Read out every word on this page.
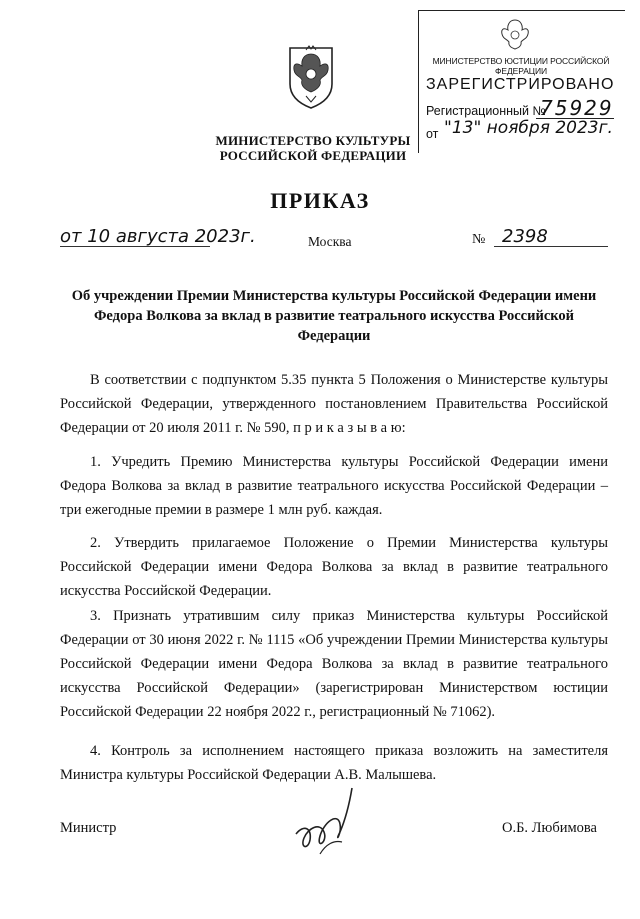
МИНИСТЕРСТВО КУЛЬТУРЫ
РОССИЙСКОЙ ФЕДЕРАЦИИ
МИНИСТЕРСТВО ЮСТИЦИИ РОССИЙСКОЙ ФЕДЕРАЦИИ
ЗАРЕГИСТРИРОВАНО
Регистрационный №
75929
от "13" ноября 2023г.
ПРИКАЗ
от 10 августа 2023г.	Москва	№ 2398
Об учреждении Премии Министерства культуры Российской Федерации имени Федора Волкова за вклад в развитие театрального искусства Российской Федерации
В соответствии с подпунктом 5.35 пункта 5 Положения о Министерстве культуры Российской Федерации, утвержденного постановлением Правительства Российской Федерации от 20 июля 2011 г. № 590, п р и к а з ы в а ю:
1. Учредить Премию Министерства культуры Российской Федерации имени Федора Волкова за вклад в развитие театрального искусства Российской Федерации – три ежегодные премии в размере 1 млн руб. каждая.
2. Утвердить прилагаемое Положение о Премии Министерства культуры Российской Федерации имени Федора Волкова за вклад в развитие театрального искусства Российской Федерации.
3. Признать утратившим силу приказ Министерства культуры Российской Федерации от 30 июня 2022 г. № 1115 «Об учреждении Премии Министерства культуры Российской Федерации имени Федора Волкова за вклад в развитие театрального искусства Российской Федерации» (зарегистрирован Министерством юстиции Российской Федерации 22 ноября 2022 г., регистрационный № 71062).
4. Контроль за исполнением настоящего приказа возложить на заместителя Министра культуры Российской Федерации А.В. Малышева.
Министр	О.Б. Любимова
